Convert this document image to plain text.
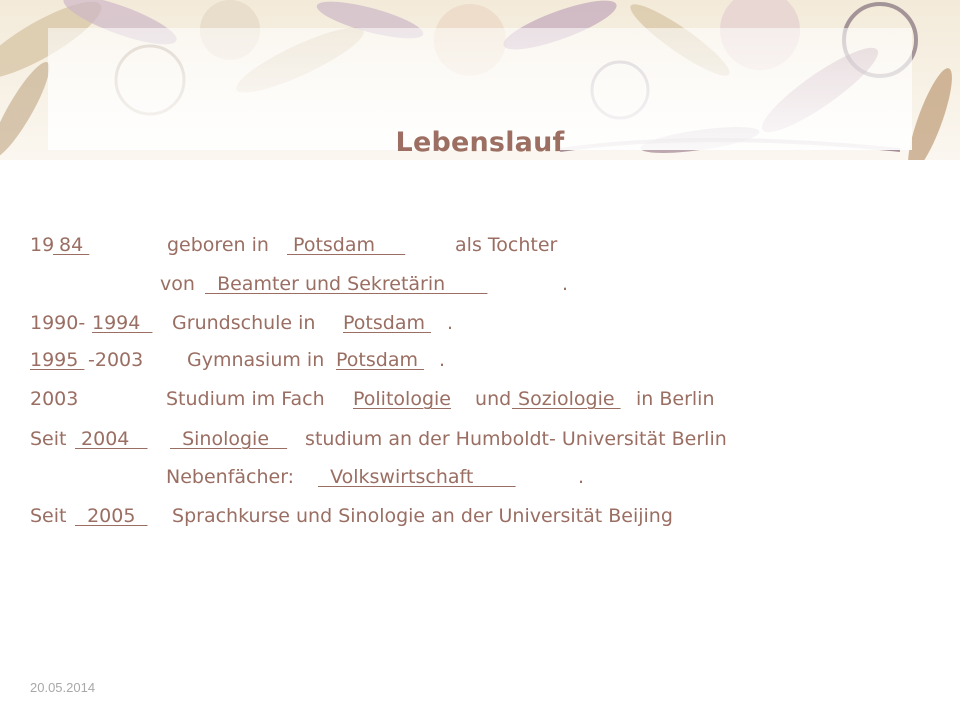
Lebenslauf

19
84

	geboren in

Potsdam

als Tochter

von

Beamter und Sekretärin

	.

1990- 1994

Grundschule in

Potsdam

.

1995 -2003

Gymnasium in

Potsdam

.

2003

	Studium im Fach

Politologie

und

Soziologie

in Berlin

Seit

2004

Sinologie

studium an der Humboldt- Universität Berlin

Nebenfächer:

Volkswirtschaft

	.

Seit

2005

Sprachkurse und Sinologie an der Universität Beijing

20.05.2014
